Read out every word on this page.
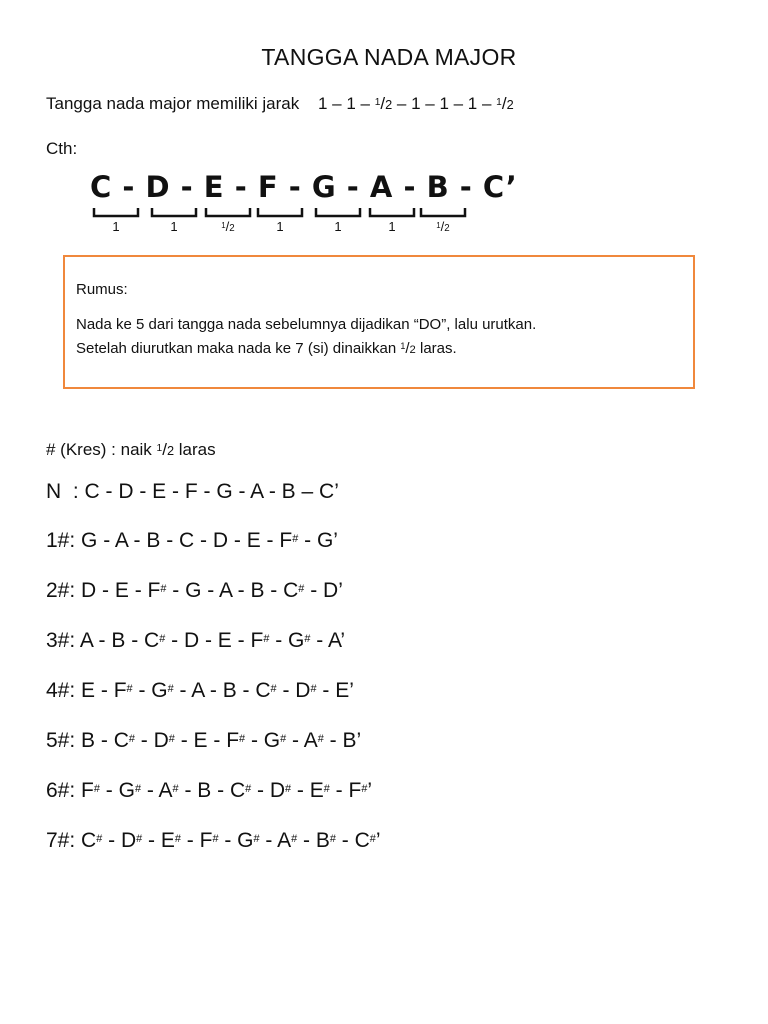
TANGGA NADA MAJOR
Tangga nada major memiliki jarak 1 – 1 – $^1$/2 – 1 – 1 – 1 – $^1$/2
Cth:
C - D - E - F - G - A - B - C’
1	1	$^1$/2	1	1	1	$^1$/2
Rumus:
Nada ke 5 dari tangga nada sebelumnya dijadikan “DO”, lalu urutkan.
Setelah diurutkan maka nada ke 7 (si) dinaikkan $^1$/2 laras.
# (Kres) : naik $^1$/2 laras
N  : C - D - E - F - G - A - B – C’
1#: G - A - B - C - D - E - F# - G’
2#: D - E - F# - G - A - B - C# - D’
3#: A - B - C# - D - E - F# - G# - A’
4#: E - F# - G# - A - B - C# - D# - E’
5#: B - C# - D# - E - F# - G# - A# - B’
6#: F# - G# - A# - B - C# - D# - E# - F#’
7#: C# - D# - E# - F# - G# - A# - B# - C#’
